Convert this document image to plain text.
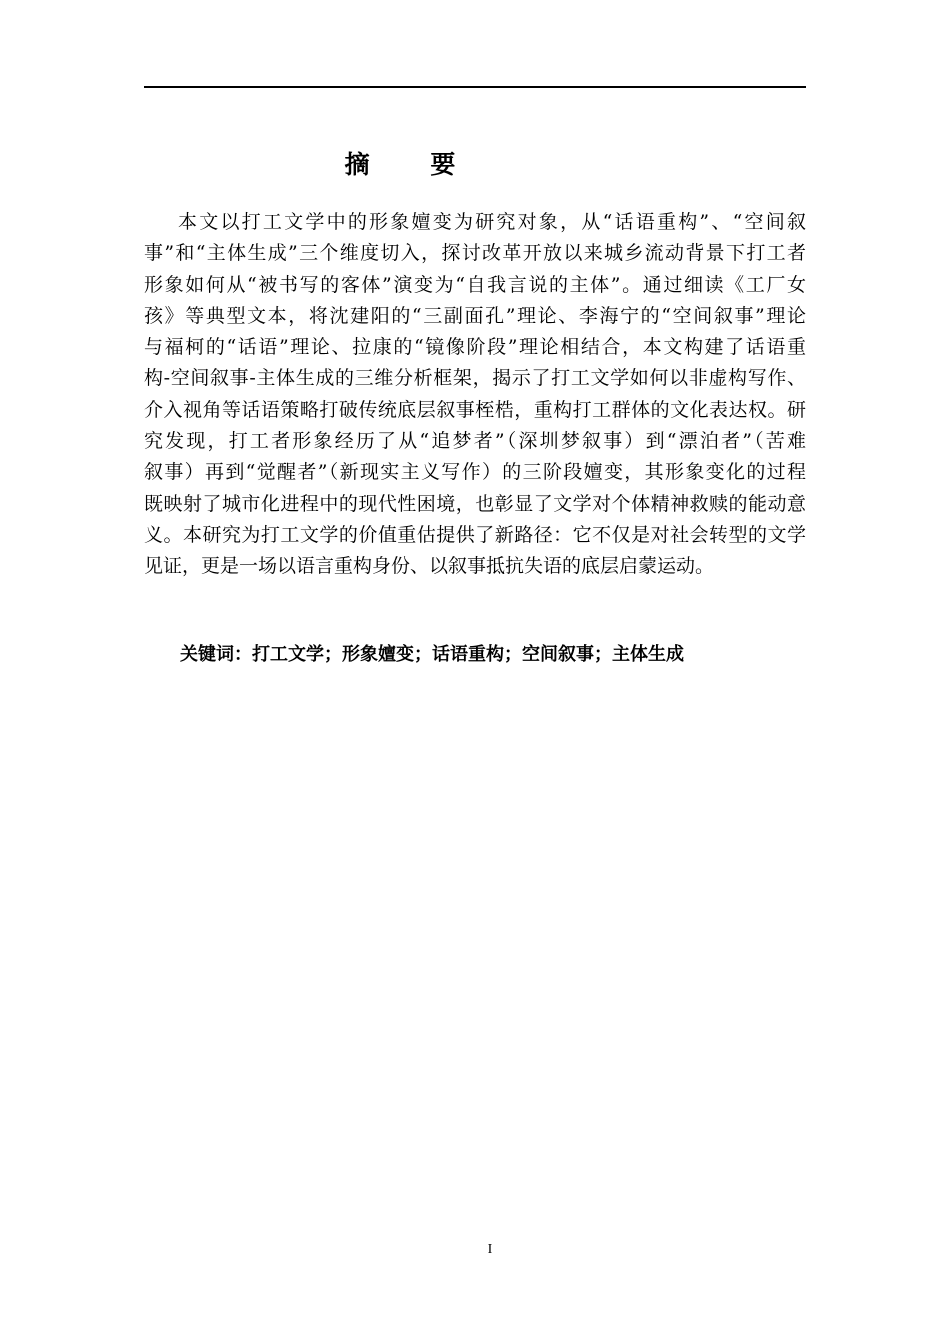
摘 要
本文以打工文学中的形象嬗变为研究对象，从“话语重构”、“空间叙
事”和“主体生成”三个维度切入，探讨改革开放以来城乡流动背景下打工者
形象如何从“被书写的客体”演变为“自我言说的主体”。通过细读《工厂女
孩》等典型文本，将沈建阳的“三副面孔”理论、李海宁的“空间叙事”理论
与福柯的“话语”理论、拉康的“镜像阶段”理论相结合，本文构建了话语重
构-空间叙事-主体生成的三维分析框架，揭示了打工文学如何以非虚构写作、
介入视角等话语策略打破传统底层叙事桎梏，重构打工群体的文化表达权。研
究发现，打工者形象经历了从“追梦者”（深圳梦叙事）到“漂泊者”（苦难
叙事）再到“觉醒者”（新现实主义写作）的三阶段嬗变，其形象变化的过程
既映射了城市化进程中的现代性困境，也彰显了文学对个体精神救赎的能动意
义。本研究为打工文学的价值重估提供了新路径：它不仅是对社会转型的文学
见证，更是一场以语言重构身份、以叙事抵抗失语的底层启蒙运动。
关键词：打工文学；形象嬗变；话语重构；空间叙事；主体生成
I
